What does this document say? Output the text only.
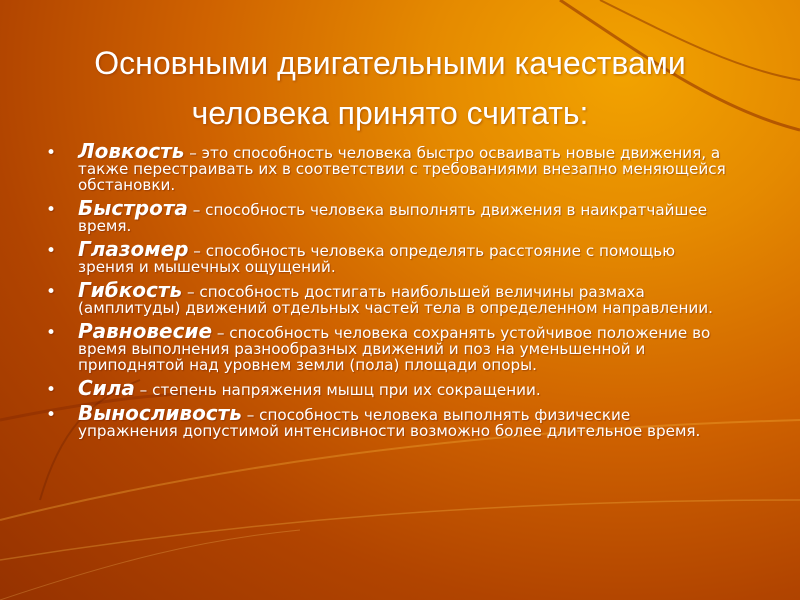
Основными двигательными качествами
человека принято считать:
• Ловкость – это способность человека быстро осваивать новые движения, а также перестраивать их в соответствии с требованиями внезапно меняющейся обстановки.
• Быстрота – способность человека выполнять движения в наикратчайшее время.
• Глазомер – способность человека определять расстояние с помощью зрения и мышечных ощущений.
• Гибкость – способность достигать наибольшей величины размаха (амплитуды) движений отдельных частей тела в определенном направлении.
• Равновесие – способность человека сохранять устойчивое положение во время выполнения разнообразных движений и поз на уменьшенной и приподнятой над уровнем земли (пола) площади опоры.
• Сила – степень напряжения мышц при их сокращении.
• Выносливость – способность человека выполнять физические упражнения допустимой интенсивности возможно более длительное время.
